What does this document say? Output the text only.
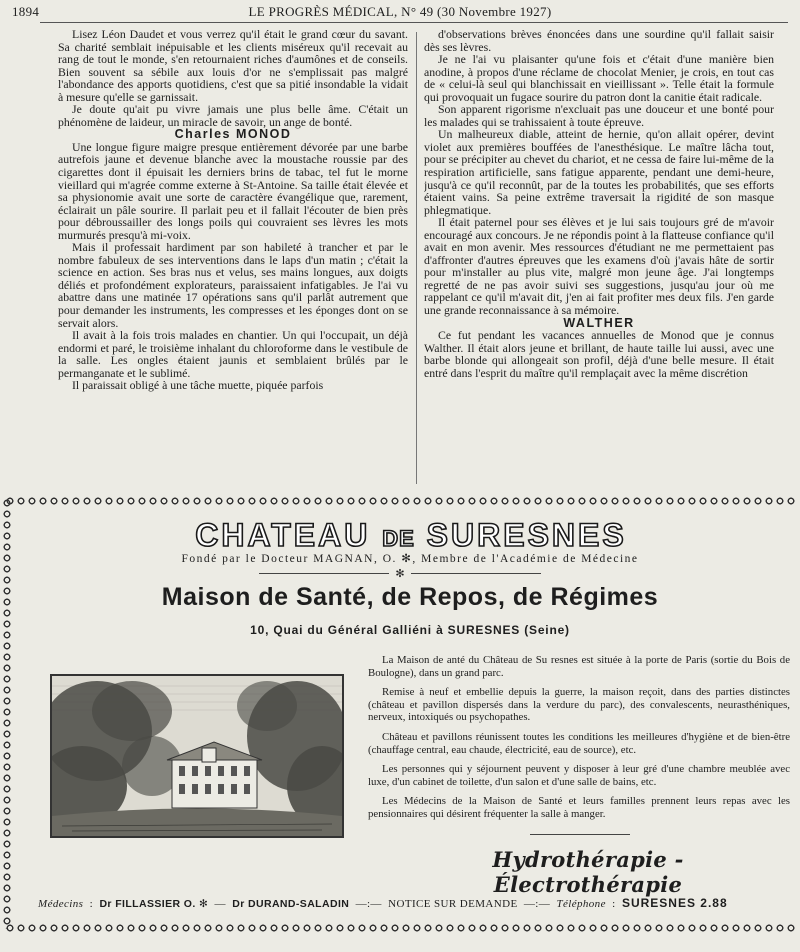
1894	LE PROGRÈS MÉDICAL, N° 49 (30 Novembre 1927)

Lisez Léon Daudet et vous verrez qu'il était le grand cœur du savant. Sa charité semblait inépuisable et les clients miséreux qu'il recevait au rang de tout le monde, s'en retournaient riches d'aumônes et de conseils. Bien souvent sa sébile aux louis d'or ne s'emplissait pas malgré l'abondance des apports quotidiens, c'est que sa pitié insondable la vidait à mesure qu'elle se garnissait.

Je doute qu'ait pu vivre jamais une plus belle âme. C'était un phénomène de laideur, un miracle de savoir, un ange de bonté.

Charles MONOD

Une longue figure maigre presque entièrement dévorée par une barbe autrefois jaune et devenue blanche avec la moustache roussie par des cigarettes dont il épuisait les derniers brins de tabac, tel fut le morne vieillard qui m'agrée comme externe à St-Antoine. Sa taille était élevée et sa physionomie avait une sorte de caractère évangélique que, rarement, éclairait un pâle sourire. Il parlait peu et il fallait l'écouter de bien près pour débroussailler des longs poils qui couvraient ses lèvres les mots murmurés presqu'à mi-voix.

Mais il professait hardiment par son habileté à trancher et par le nombre fabuleux de ses interventions dans le laps d'un matin ; c'était la science en action. Ses bras nus et velus, ses mains longues, aux doigts déliés et profondément explorateurs, paraissaient infatigables. Je l'ai vu abattre dans une matinée 17 opérations sans qu'il parlât autrement que pour demander les instruments, les compresses et les éponges dont on se servait alors.

Il avait à la fois trois malades en chantier. Un qui l'occupait, un déjà endormi et paré, le troisième inhalant du chloroforme dans le vestibule de la salle. Les ongles étaient jaunis et semblaient brûlés par le permanganate et le sublimé.

Il paraissait obligé à une tâche muette, piquée parfois

d'observations brèves énoncées dans une sourdine qu'il fallait saisir dès ses lèvres.

Je ne l'ai vu plaisanter qu'une fois et c'était d'une manière bien anodine, à propos d'une réclame de chocolat Menier, je crois, en tout cas de « celui-là seul qui blanchissait en vieillissant ». Telle était la formule qui provoquait un fugace sourire du patron dont la canitie était radicale.

Son apparent rigorisme n'excluait pas une douceur et une bonté pour les malades qui se trahissaient à toute épreuve.

Un malheureux diable, atteint de hernie, qu'on allait opérer, devint violet aux premières bouffées de l'anesthésique. Le maître lâcha tout, pour se précipiter au chevet du chariot, et ne cessa de faire lui-même de la respiration artificielle, sans fatigue apparente, pendant une demi-heure, jusqu'à ce qu'il reconnût, par de la toutes les probabilités, que ses efforts étaient vains. Sa peine extrême traversait la rigidité de son masque phlegmatique.

Il était paternel pour ses élèves et je lui sais toujours gré de m'avoir encouragé aux concours. Je ne répondis point à la flatteuse confiance qu'il avait en mon avenir. Mes ressources d'étudiant ne me permettaient pas d'affronter d'autres épreuves que les examens d'où j'avais hâte de sortir pour m'installer au plus vite, malgré mon jeune âge. J'ai longtemps regretté de ne pas avoir suivi ses suggestions, jusqu'au jour où me rappelant ce qu'il m'avait dit, j'en ai fait profiter mes deux fils. J'en garde une grande reconnaissance à sa mémoire.

WALTHER

Ce fut pendant les vacances annuelles de Monod que je connus Walther. Il était alors jeune et brillant, de haute taille lui aussi, avec une barbe blonde qui allongeait son profil, déjà d'une belle mesure. Il était entré dans l'esprit du maître qu'il remplaçait avec la même discrétion

CHATEAU DE SURESNES
Fondé par le Docteur MAGNAN, O. ✻, Membre de l'Académie de Médecine
✻
Maison de Santé, de Repos, de Régimes
10, Quai du Général Galliéni à SURESNES (Seine)

La Maison de anté du Château de Su resnes est située à la porte de Paris (sortie du Bois de Boulogne), dans un grand parc.

Remise à neuf et embellie depuis la guerre, la maison reçoit, dans des parties distinctes (château et pavillon dispersés dans la verdure du parc), des convalescents, neurasthéniques, nerveux, intoxiqués ou psychopathes.

Château et pavillons réunissent toutes les conditions les meilleures d'hygiène et de bien-être (chauffage central, eau chaude, électricité, eau de source), etc.

Les personnes qui y séjournent peuvent y disposer à leur gré d'une chambre meublée avec luxe, d'un cabinet de toilette, d'un salon et d'une salle de bains, etc.

Les Médecins de la Maison de Santé et leurs familles prennent leurs repas avec les pensionnaires qui désirent fréquenter la salle à manger.

Hydrothérapie - Électrothérapie
Médecins  :  Dr FILLASSIER O. ✻  —  Dr DURAND-SALADIN  —:—  NOTICE SUR DEMANDE  —:—  Téléphone  :  SURESNES 2.88
